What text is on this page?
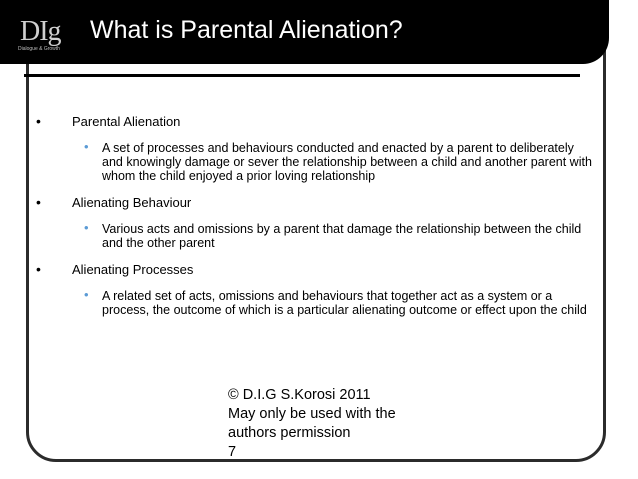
DIg
Dialogue & Growth
What is Parental Alienation?
• Parental Alienation
• A set of processes and behaviours conducted and enacted by a parent to deliberately and knowingly damage or sever the relationship between a child and another parent with whom the child enjoyed a prior loving relationship
• Alienating Behaviour
• Various acts and omissions by a parent that damage the relationship between the child and the other parent
• Alienating Processes
• A related set of acts, omissions and behaviours that together act as a system or a process, the outcome of which is a particular alienating outcome or effect upon the child
© D.I.G S.Korosi 2011
May only be used with the
authors permission
7
